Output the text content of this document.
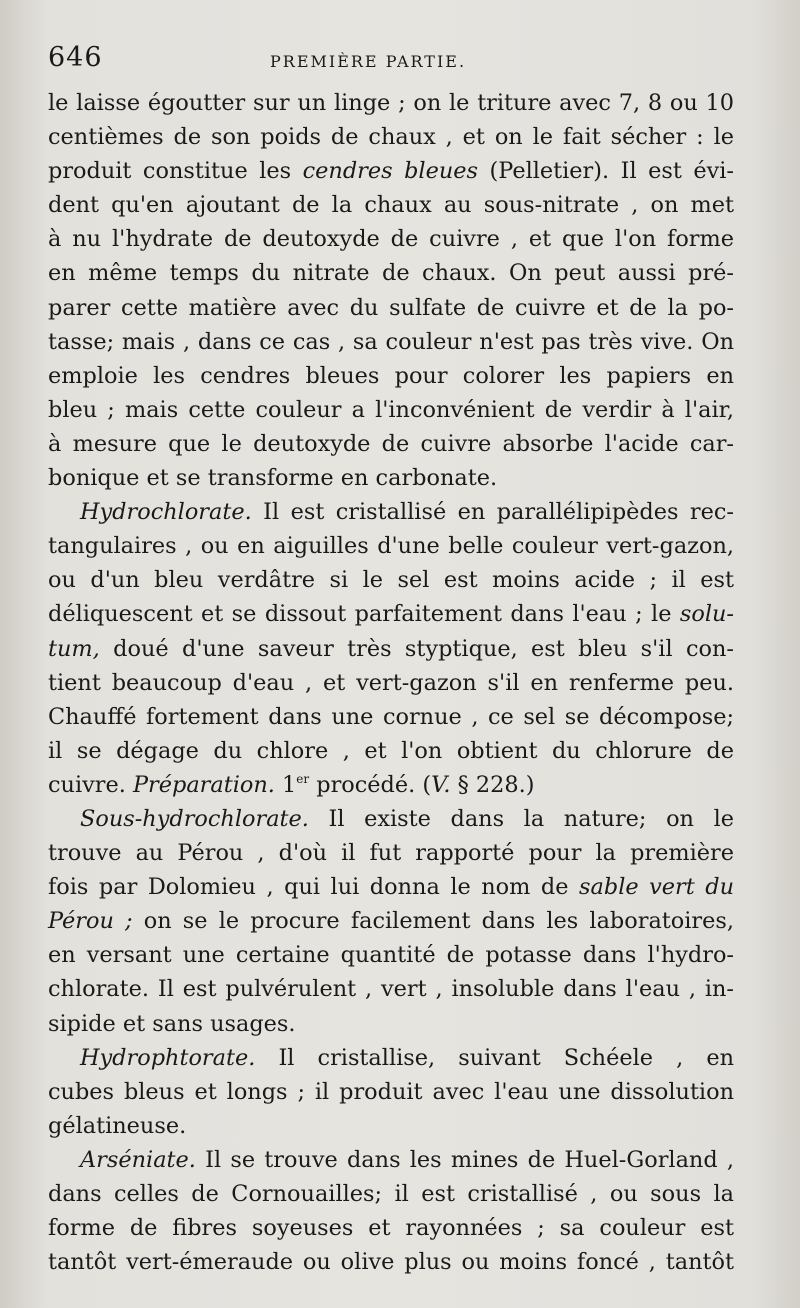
646	PREMIÈRE PARTIE.
le laisse égoutter sur un linge ; on le triture avec 7, 8 ou 10
centièmes de son poids de chaux , et on le fait sécher : le
produit constitue les cendres bleues (Pelletier). Il est évi-
dent qu'en ajoutant de la chaux au sous-nitrate , on met
à nu l'hydrate de deutoxyde de cuivre , et que l'on forme
en même temps du nitrate de chaux. On peut aussi pré-
parer cette matière avec du sulfate de cuivre et de la po-
tasse; mais , dans ce cas , sa couleur n'est pas très vive. On
emploie les cendres bleues pour colorer les papiers en
bleu ; mais cette couleur a l'inconvénient de verdir à l'air,
à mesure que le deutoxyde de cuivre absorbe l'acide car-
bonique et se transforme en carbonate.
Hydrochlorate. Il est cristallisé en parallélipipèdes rec-
tangulaires , ou en aiguilles d'une belle couleur vert-gazon,
ou d'un bleu verdâtre si le sel est moins acide ; il est
déliquescent et se dissout parfaitement dans l'eau ; le solu-
tum, doué d'une saveur très styptique, est bleu s'il con-
tient beaucoup d'eau , et vert-gazon s'il en renferme peu.
Chauffé fortement dans une cornue , ce sel se décompose;
il se dégage du chlore , et l'on obtient du chlorure de
cuivre. Préparation. 1er procédé. (V. § 228.)
Sous-hydrochlorate. Il existe dans la nature; on le
trouve au Pérou , d'où il fut rapporté pour la première
fois par Dolomieu , qui lui donna le nom de sable vert du
Pérou ; on se le procure facilement dans les laboratoires,
en versant une certaine quantité de potasse dans l'hydro-
chlorate. Il est pulvérulent , vert , insoluble dans l'eau , in-
sipide et sans usages.
Hydrophtorate. Il cristallise, suivant Schéele , en
cubes bleus et longs ; il produit avec l'eau une dissolution
gélatineuse.
Arséniate. Il se trouve dans les mines de Huel-Gorland ,
dans celles de Cornouailles; il est cristallisé , ou sous la
forme de fibres soyeuses et rayonnées ; sa couleur est
tantôt vert-émeraude ou olive plus ou moins foncé , tantôt
